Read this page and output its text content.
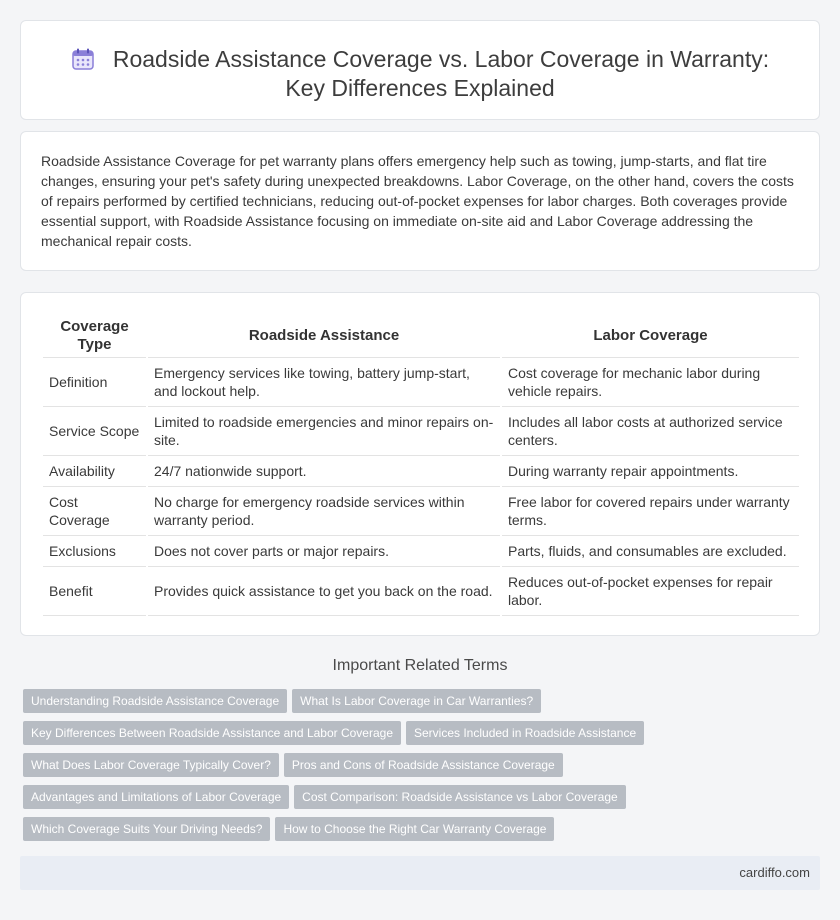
Roadside Assistance Coverage vs. Labor Coverage in Warranty:
Key Differences Explained

Roadside Assistance Coverage for pet warranty plans offers emergency help such as towing, jump-starts, and flat tire changes, ensuring your pet's safety during unexpected breakdowns. Labor Coverage, on the other hand, covers the costs of repairs performed by certified technicians, reducing out-of-pocket expenses for labor charges. Both coverages provide essential support, with Roadside Assistance focusing on immediate on-site aid and Labor Coverage addressing the mechanical repair costs.

Coverage Type	Roadside Assistance	Labor Coverage
Definition	Emergency services like towing, battery jump-start, and lockout help.	Cost coverage for mechanic labor during vehicle repairs.
Service Scope	Limited to roadside emergencies and minor repairs on-site.	Includes all labor costs at authorized service centers.
Availability	24/7 nationwide support.	During warranty repair appointments.
Cost Coverage	No charge for emergency roadside services within warranty period.	Free labor for covered repairs under warranty terms.
Exclusions	Does not cover parts or major repairs.	Parts, fluids, and consumables are excluded.
Benefit	Provides quick assistance to get you back on the road.	Reduces out-of-pocket expenses for repair labor.
Important Related Terms
Understanding Roadside Assistance Coverage What Is Labor Coverage in Car Warranties?
Key Differences Between Roadside Assistance and Labor Coverage Services Included in Roadside Assistance
What Does Labor Coverage Typically Cover? Pros and Cons of Roadside Assistance Coverage
Advantages and Limitations of Labor Coverage Cost Comparison: Roadside Assistance vs Labor Coverage
Which Coverage Suits Your Driving Needs? How to Choose the Right Car Warranty Coverage
cardiffo.com
